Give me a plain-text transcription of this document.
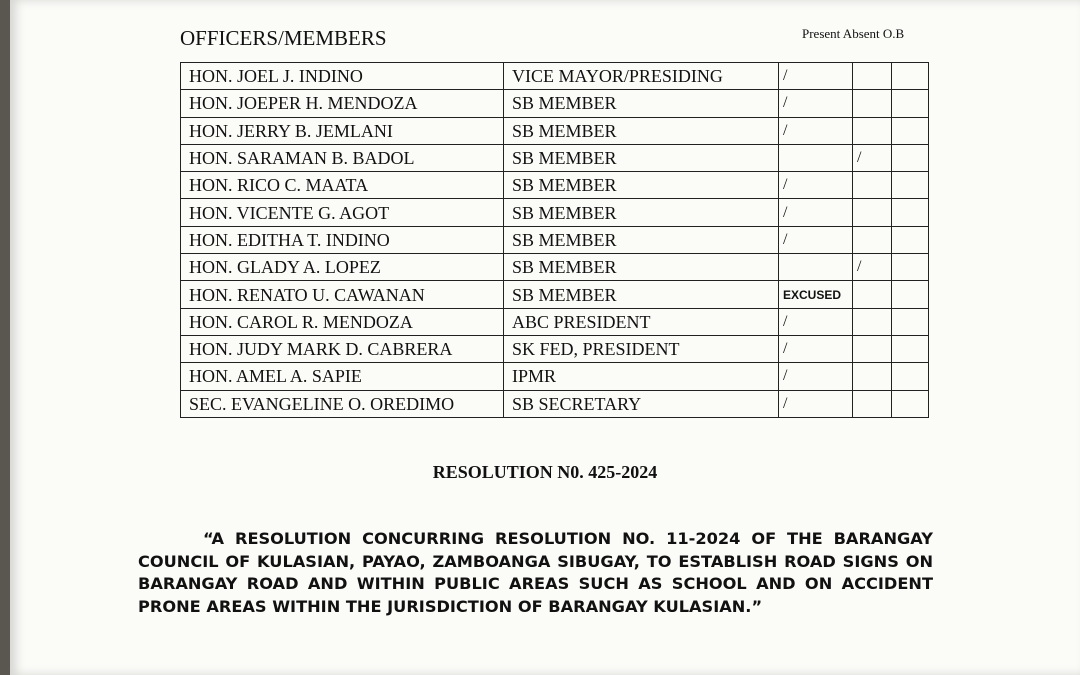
OFFICERS/MEMBERS	Present Absent O.B
HON. JOEL J. INDINO	VICE MAYOR/PRESIDING	/		
HON. JOEPER H. MENDOZA	SB MEMBER	/		
HON. JERRY B. JEMLANI	SB MEMBER	/		
HON. SARAMAN B. BADOL	SB MEMBER		/	
HON. RICO C. MAATA	SB MEMBER	/		
HON. VICENTE G. AGOT	SB MEMBER	/		
HON. EDITHA T. INDINO	SB MEMBER	/		
HON. GLADY A. LOPEZ	SB MEMBER		/	
HON. RENATO U. CAWANAN	SB MEMBER	EXCUSED		
HON. CAROL R. MENDOZA	ABC PRESIDENT	/		
HON. JUDY MARK D. CABRERA	SK FED, PRESIDENT	/		
HON. AMEL A. SAPIE	IPMR	/		
SEC. EVANGELINE O. OREDIMO	SB SECRETARY	/		
RESOLUTION N0. 425-2024
“A RESOLUTION CONCURRING RESOLUTION NO. 11-2024 OF THE BARANGAY COUNCIL OF KULASIAN, PAYAO, ZAMBOANGA SIBUGAY, TO ESTABLISH ROAD SIGNS ON BARANGAY ROAD AND WITHIN PUBLIC AREAS SUCH AS SCHOOL AND ON ACCIDENT PRONE AREAS WITHIN THE JURISDICTION OF BARANGAY KULASIAN.”
